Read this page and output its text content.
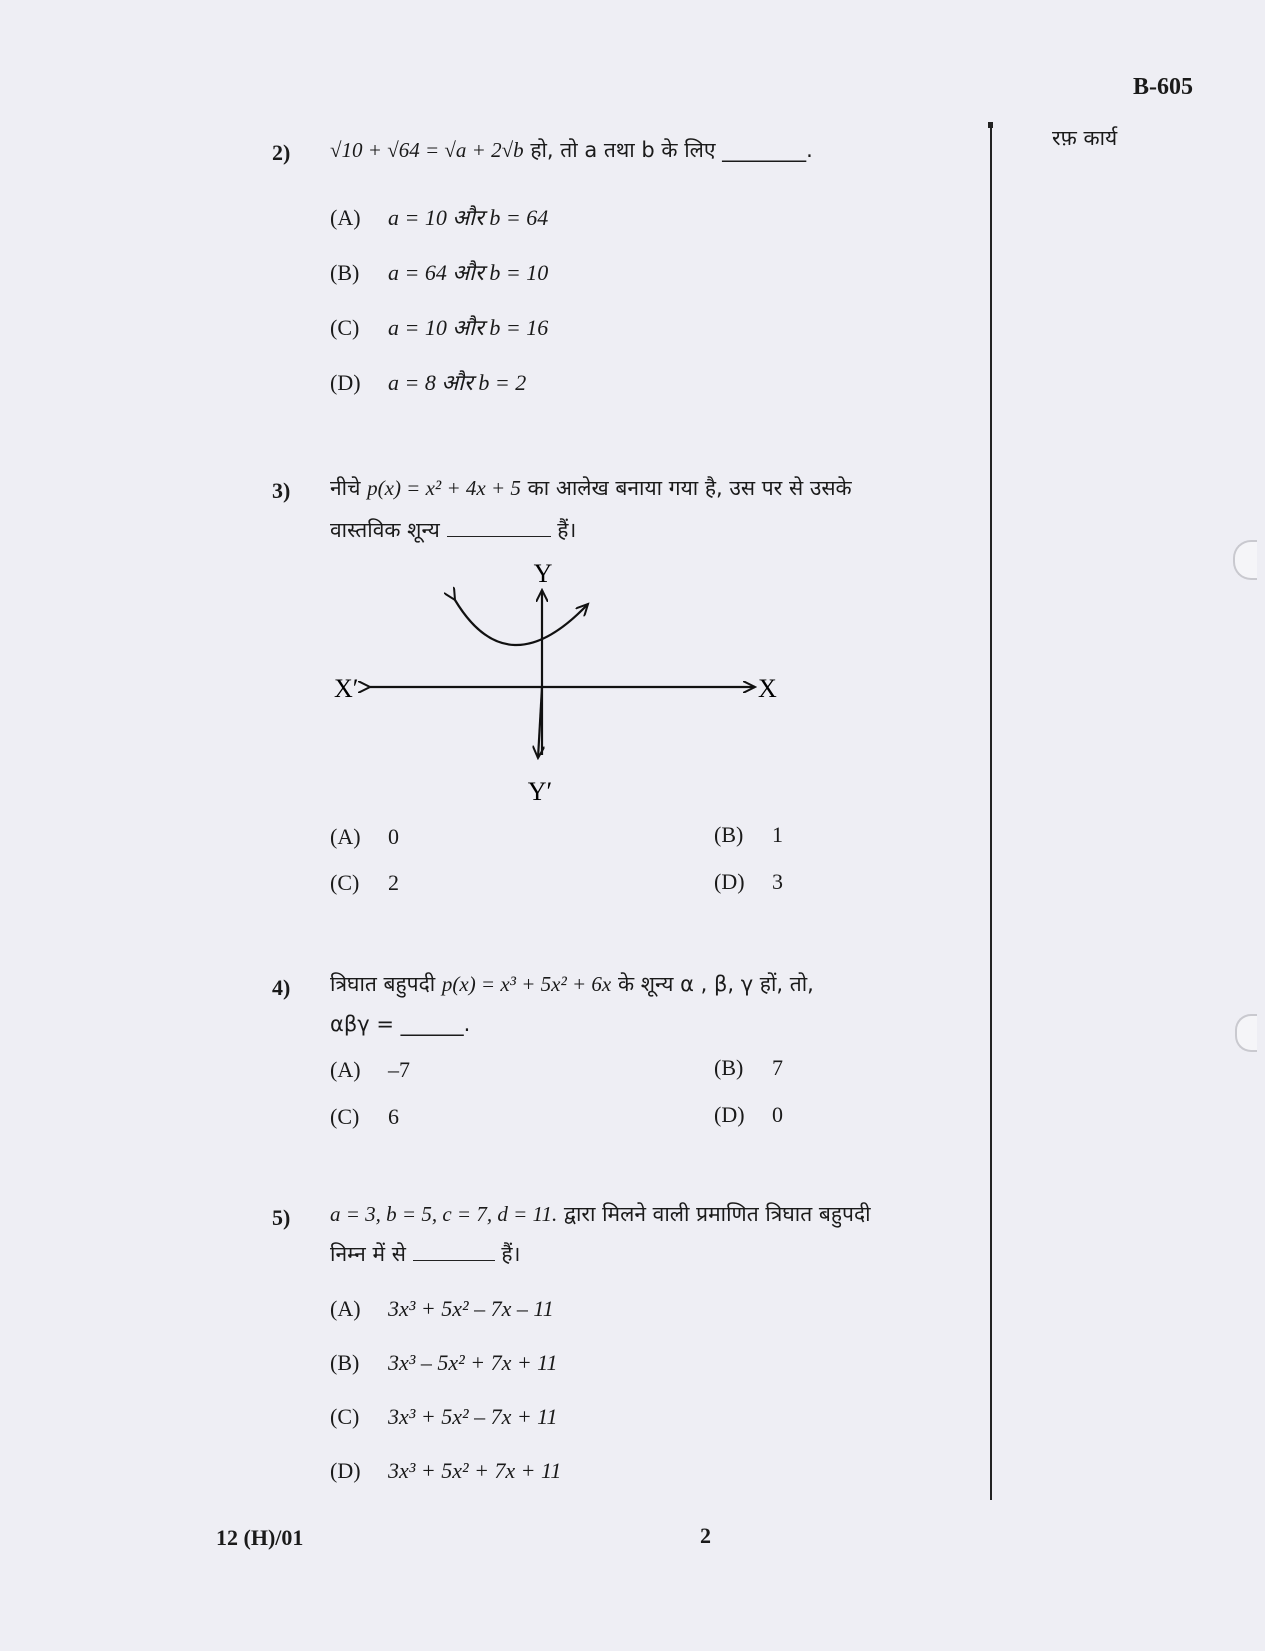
B-605
रफ़ कार्य
2) √10 + √64 = √a + 2√b हो, तो a तथा b के लिए ________.
(A) a = 10 और b = 64
(B) a = 64 और b = 10
(C) a = 10 और b = 16
(D) a = 8 और b = 2
3) नीचे p(x) = x² + 4x + 5 का आलेख बनाया गया है, उस पर से उसके
वास्तविक शून्य	हैं।
Y
Y′
X
X′
(A) 0	(B) 1
(C) 2	(D) 3
4) त्रिघात बहुपदी p(x) = x³ + 5x² + 6x के शून्य α , β, γ हों, तो,
αβγ = ______.
(A) –7	(B) 7
(C) 6	(D) 0
5) a = 3, b = 5, c = 7, d = 11. द्वारा मिलने वाली प्रमाणित त्रिघात बहुपदी
निम्न में से	हैं।
(A) 3x³ + 5x² – 7x – 11
(B) 3x³ – 5x² + 7x + 11
(C) 3x³ + 5x² – 7x + 11
(D) 3x³ + 5x² + 7x + 11
12 (H)/01	2
